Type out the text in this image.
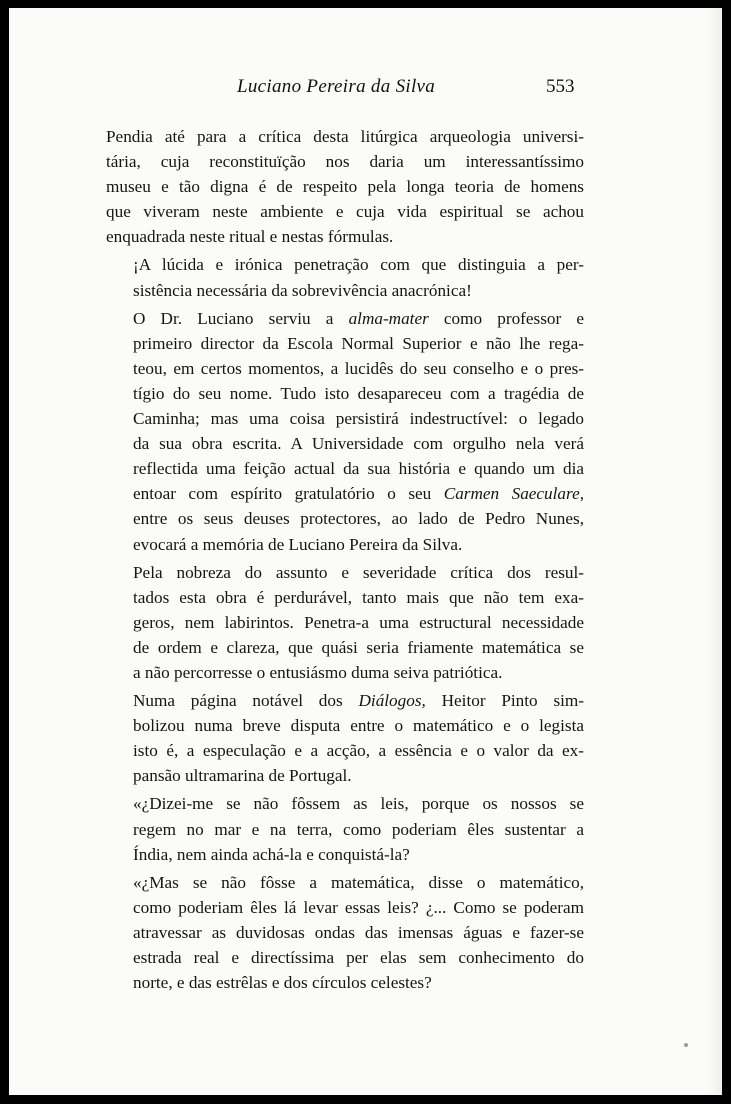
Luciano Pereira da Silva	553

Pendia até para a crítica desta litúrgica arqueologia universi-
tária, cuja reconstituïção nos daria um interessantíssimo
museu e tão digna é de respeito pela longa teoria de homens
que viveram neste ambiente e cuja vida espiritual se achou
enquadrada neste ritual e nestas fórmulas.

¡A lúcida e irónica penetração com que distinguia a per-
sistência necessária da sobrevivência anacrónica!

O Dr. Luciano serviu a alma-mater como professor e
primeiro director da Escola Normal Superior e não lhe rega-
teou, em certos momentos, a lucidês do seu conselho e o pres-
tígio do seu nome. Tudo isto desapareceu com a tragédia de
Caminha; mas uma coisa persistirá indestructível: o legado
da sua obra escrita. A Universidade com orgulho nela verá
reflectida uma feição actual da sua história e quando um dia
entoar com espírito gratulatório o seu Carmen Saeculare,
entre os seus deuses protectores, ao lado de Pedro Nunes,
evocará a memória de Luciano Pereira da Silva.

Pela nobreza do assunto e severidade crítica dos resul-
tados esta obra é perdurável, tanto mais que não tem exa-
geros, nem labirintos. Penetra-a uma estructural necessidade
de ordem e clareza, que quási seria friamente matemática se
a não percorresse o entusiásmo duma seiva patriótica.

Numa página notável dos Diálogos, Heitor Pinto sim-
bolizou numa breve disputa entre o matemático e o legista
isto é, a especulação e a acção, a essência e o valor da ex-
pansão ultramarina de Portugal.

«¿Dizei-me se não fôssem as leis, porque os nossos se
regem no mar e na terra, como poderiam êles sustentar a
Índia, nem ainda achá-la e conquistá-la?

«¿Mas se não fôsse a matemática, disse o matemático,
como poderiam êles lá levar essas leis? ¿... Como se poderam
atravessar as duvidosas ondas das imensas águas e fazer-se
estrada real e directíssima per elas sem conhecimento do
norte, e das estrêlas e dos círculos celestes?
